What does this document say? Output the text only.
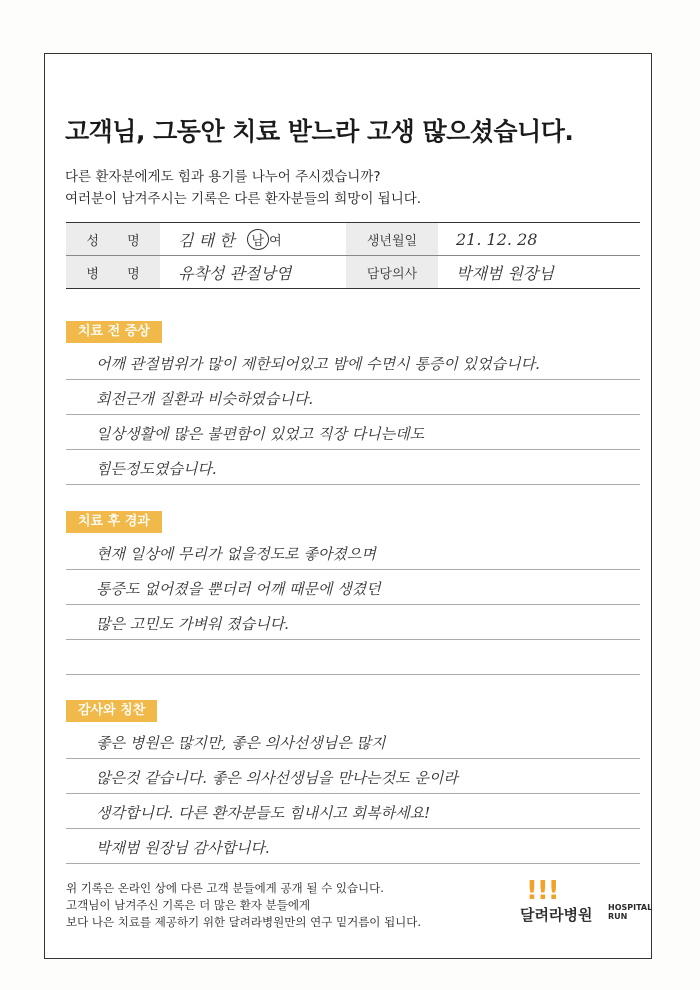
고객님, 그동안 치료 받느라 고생 많으셨습니다.
다른 환자분에게도 힘과 용기를 나누어 주시겠습니까?
여러분이 남겨주시는 기록은 다른 환자분들의 희망이 됩니다.
성 명	김 태 한	남 여	생년월일	21. 12. 28
병 명	유착성 관절낭염	담당의사	박재범 원장님
치료 전 증상
어깨 관절범위가 많이 제한되어있고 밤에 수면시 통증이 있었습니다.
회전근개 질환과 비슷하였습니다.
일상생활에 많은 불편함이 있었고 직장 다니는데도
힘든정도였습니다.
치료 후 경과
현재 일상에 무리가 없을정도로 좋아졌으며
통증도 없어졌을 뿐더러 어깨 때문에 생겼던
많은 고민도 가벼워 졌습니다.
감사와 칭찬
좋은 병원은 많지만, 좋은 의사선생님은 많지
않은것 같습니다. 좋은 의사선생님을 만나는것도 운이라
생각합니다. 다른 환자분들도 힘내시고 회복하세요!
박재범 원장님 감사합니다.
위 기록은 온라인 상에 다른 고객 분들에게 공개 될 수 있습니다.
고객님이 남겨주신 기록은 더 많은 환자 분들에게
보다 나은 치료를 제공하기 위한 달려라병원만의 연구 밑거름이 됩니다.
!!!
달려라병원 HOSPITAL
RUN
